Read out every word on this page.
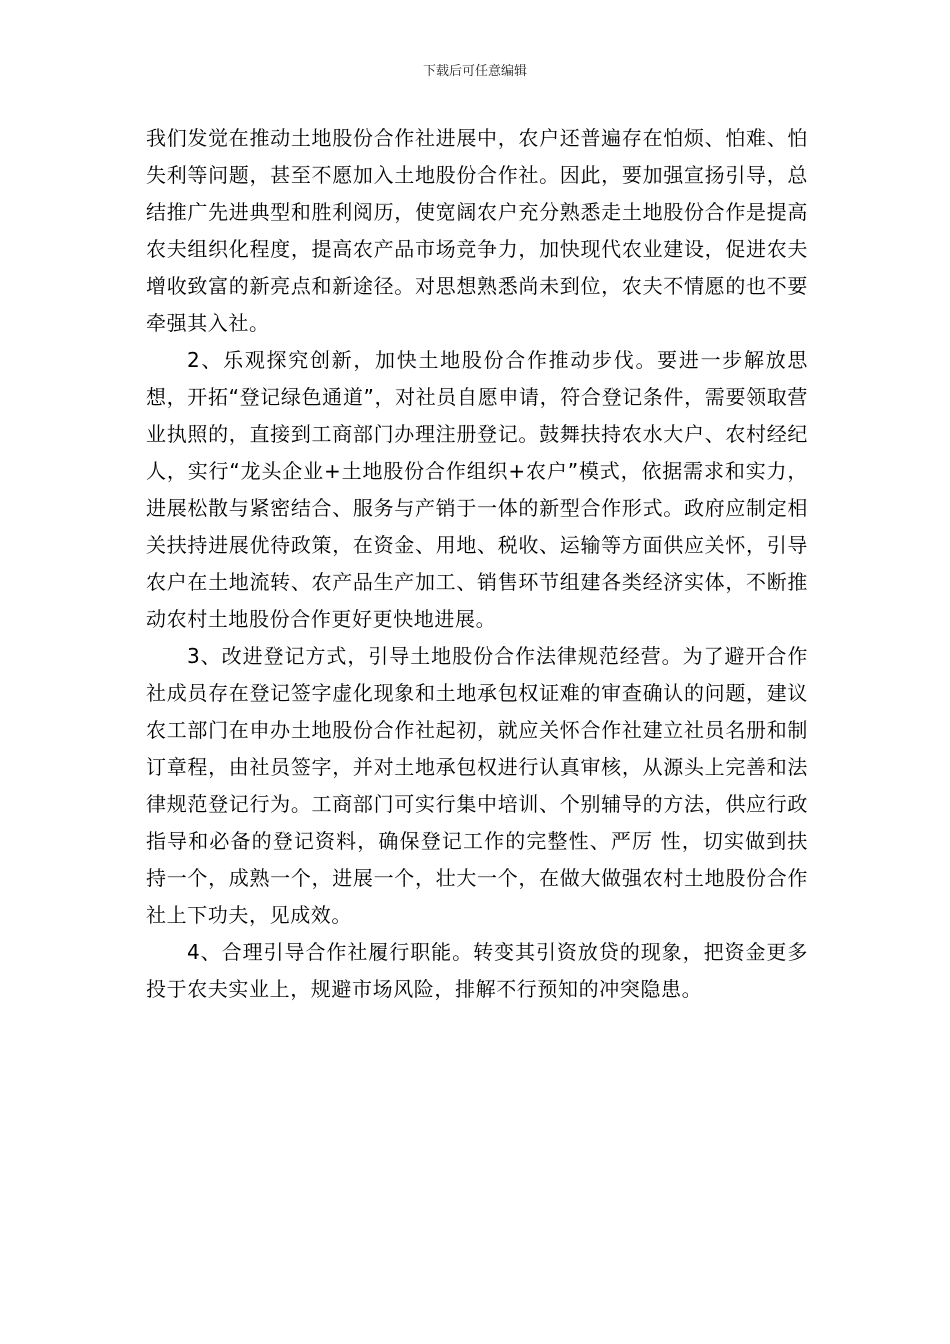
下载后可任意编辑

我们发觉在推动土地股份合作社进展中，农户还普遍存在怕烦、怕难、怕失利等问题，甚至不愿加入土地股份合作社。因此，要加强宣扬引导，总结推广先进典型和胜利阅历，使宽阔农户充分熟悉走土地股份合作是提高农夫组织化程度，提高农产品市场竞争力，加快现代农业建设，促进农夫增收致富的新亮点和新途径。对思想熟悉尚未到位，农夫不情愿的也不要牵强其入社。

2、乐观探究创新，加快土地股份合作推动步伐。要进一步解放思想，开拓“登记绿色通道”，对社员自愿申请，符合登记条件，需要领取营业执照的，直接到工商部门办理注册登记。鼓舞扶持农水大户、农村经纪人，实行“龙头企业+土地股份合作组织+农户”模式，依据需求和实力，进展松散与紧密结合、服务与产销于一体的新型合作形式。政府应制定相关扶持进展优待政策，在资金、用地、税收、运输等方面供应关怀，引导农户在土地流转、农产品生产加工、销售环节组建各类经济实体，不断推动农村土地股份合作更好更快地进展。

3、改进登记方式，引导土地股份合作法律规范经营。为了避开合作社成员存在登记签字虚化现象和土地承包权证难的审查确认的问题，建议农工部门在申办土地股份合作社起初，就应关怀合作社建立社员名册和制订章程，由社员签字，并对土地承包权进行认真审核，从源头上完善和法律规范登记行为。工商部门可实行集中培训、个别辅导的方法，供应行政指导和必备的登记资料，确保登记工作的完整性、严厉 性，切实做到扶持一个，成熟一个，进展一个，壮大一个，在做大做强农村土地股份合作社上下功夫，见成效。

4、合理引导合作社履行职能。转变其引资放贷的现象，把资金更多投于农夫实业上，规避市场风险，排解不行预知的冲突隐患。
